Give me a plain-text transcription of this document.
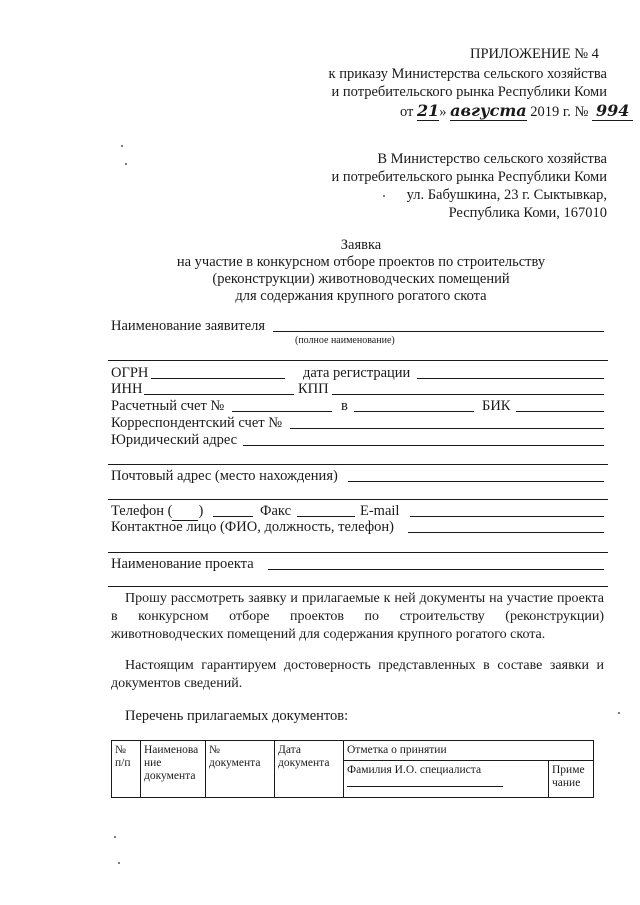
ПРИЛОЖЕНИЕ № 4
к приказу Министерства сельского хозяйства
и потребительского рынка Республики Коми
от 21» августа 2019 г. № 994
В Министерство сельского хозяйства
и потребительского рынка Республики Коми
ул. Бабушкина, 23 г. Сыктывкар,
Республика Коми, 167010
Заявка
на участие в конкурсном отборе проектов по строительству
(реконструкции) животноводческих помещений
для содержания крупного рогатого скота
Наименование заявителя
(полное наименование)
ОГРН	дата регистрации
ИНН	КПП
Расчетный счет №	в	БИК
Корреспондентский счет №
Юридический адрес
Почтовый адрес (место нахождения)
Телефон ( )	Факс	E-mail
Контактное лицо (ФИО, должность, телефон)
Наименование проекта
Прошу рассмотреть заявку и прилагаемые к ней документы на участие проекта в конкурсном отборе проектов по строительству (реконструкции) животноводческих помещений для содержания крупного рогатого скота.
Настоящим гарантируем достоверность представленных в составе заявки и документов сведений.
Перечень прилагаемых документов:
№ п/п	Наименова ние документа	№ документа	Дата документа	Отметка о принятии	

				Фамилия И.О. специалиста	Приме чание
